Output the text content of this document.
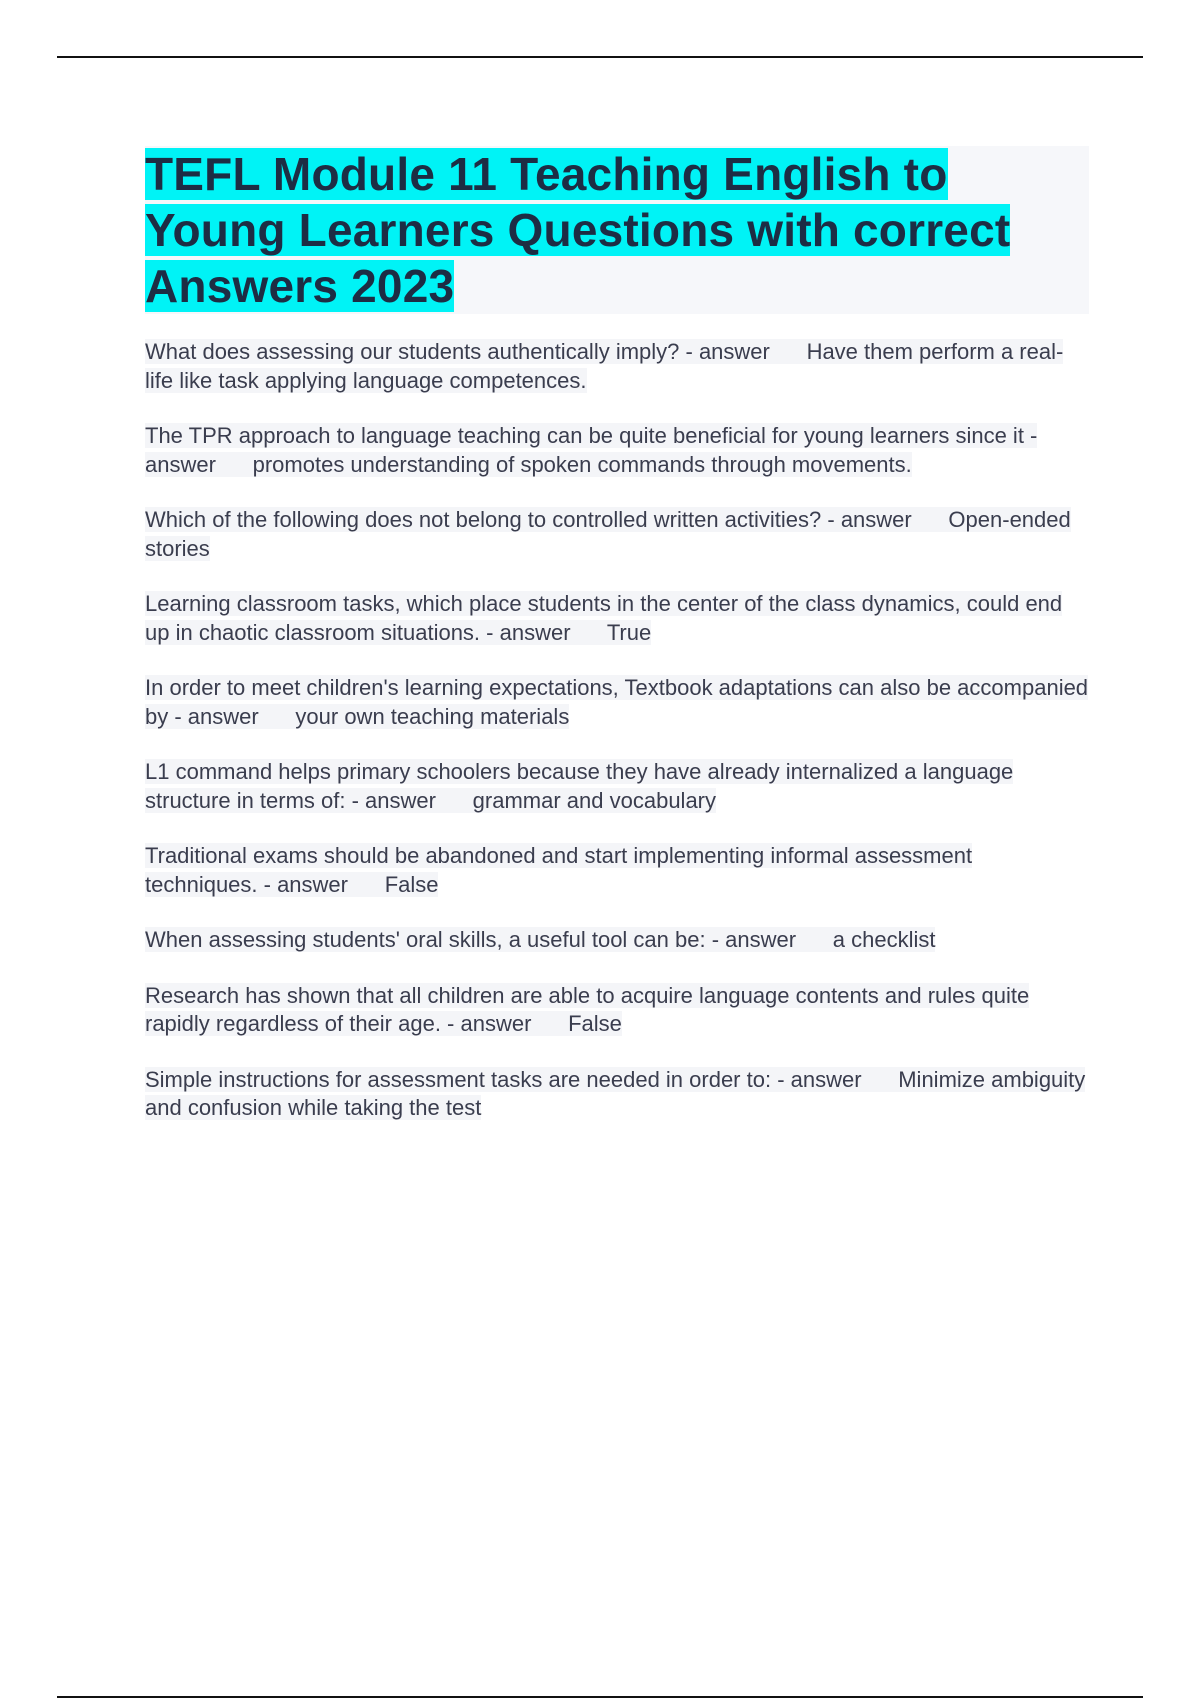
TEFL Module 11 Teaching English to Young Learners Questions with correct Answers 2023

What does assessing our students authentically imply? - answer Have them perform a real-life like task applying language competences.

The TPR approach to language teaching can be quite beneficial for young learners since it - answer promotes understanding of spoken commands through movements.

Which of the following does not belong to controlled written activities? - answer Open-ended stories

Learning classroom tasks, which place students in the center of the class dynamics, could end up in chaotic classroom situations. - answer True

In order to meet children's learning expectations, Textbook adaptations can also be accompanied by - answer your own teaching materials

L1 command helps primary schoolers because they have already internalized a language structure in terms of: - answer grammar and vocabulary

Traditional exams should be abandoned and start implementing informal assessment techniques. - answer False

When assessing students' oral skills, a useful tool can be: - answer a checklist

Research has shown that all children are able to acquire language contents and rules quite rapidly regardless of their age. - answer False

Simple instructions for assessment tasks are needed in order to: - answer Minimize ambiguity and confusion while taking the test
